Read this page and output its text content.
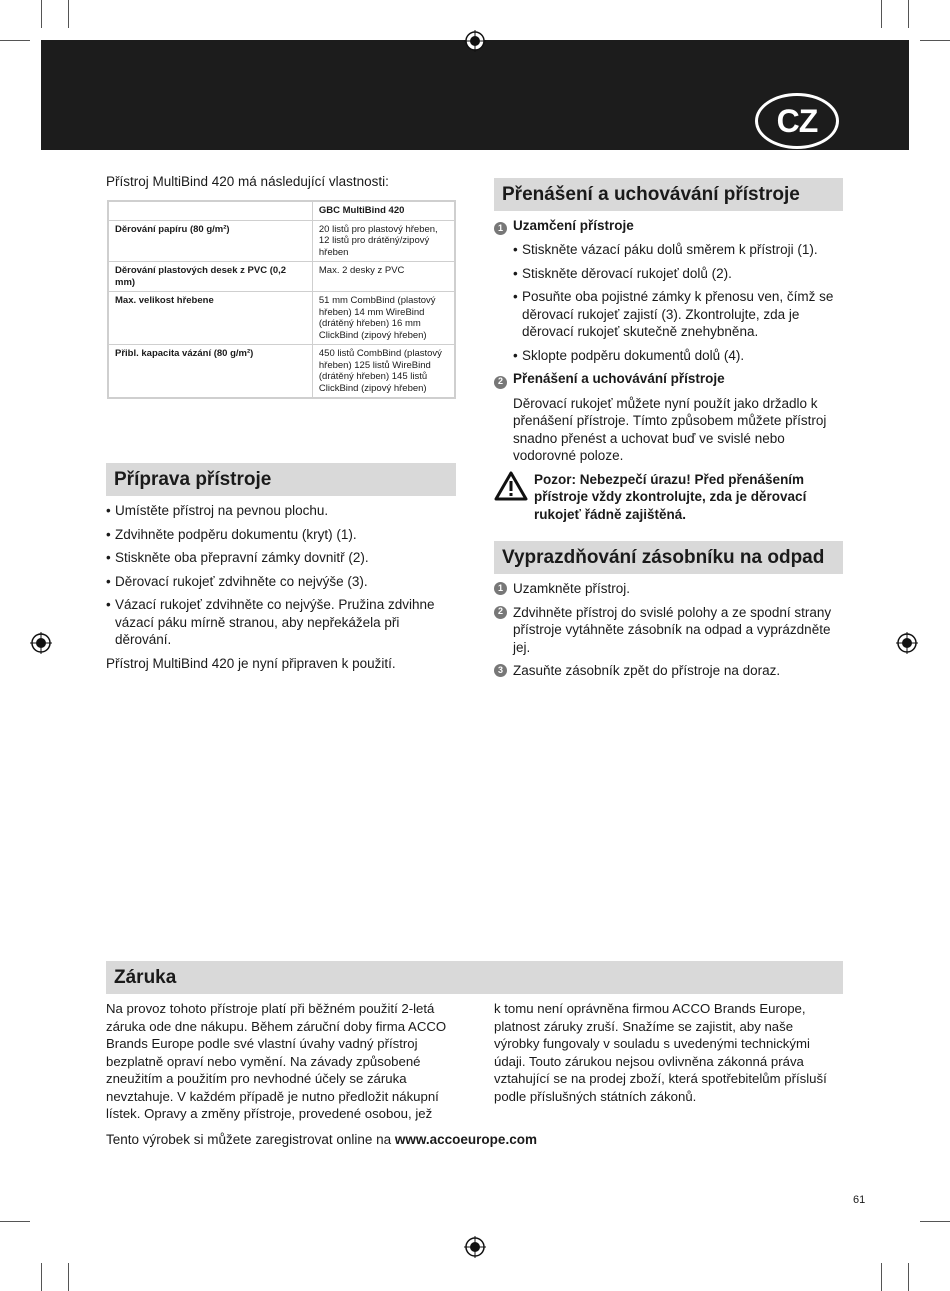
CZ
Přístroj MultiBind 420 má následující vlastnosti:
	GBC MultiBind 420
Děrování papíru (80 g/m²)	20 listů pro plastový hřeben, 12 listů pro drátěný/zipový hřeben
Děrování plastových desek z PVC (0,2 mm)	Max. 2 desky z PVC
Max. velikost hřebene	51 mm CombBind (plastový hřeben) 14 mm WireBind (drátěný hřeben) 16 mm ClickBind (zipový hřeben)
Přibl. kapacita vázání (80 g/m²)	450 listů CombBind (plastový hřeben) 125 listů WireBind (drátěný hřeben) 145 listů ClickBind (zipový hřeben)
Příprava přístroje
• Umístěte přístroj na pevnou plochu.
• Zdvihněte podpěru dokumentu (kryt) (1).
• Stiskněte oba přepravní zámky dovnitř (2).
• Děrovací rukojeť zdvihněte co nejvýše (3).
• Vázací rukojeť zdvihněte co nejvýše. Pružina zdvihne vázací páku mírně stranou, aby nepřekážela při děrování.
Přístroj MultiBind 420 je nyní připraven k použití.
Přenášení a uchovávání přístroje
1 Uzamčení přístroje
• Stiskněte vázací páku dolů směrem k přístroji (1).
• Stiskněte děrovací rukojeť dolů (2).
• Posuňte oba pojistné zámky k přenosu ven, čímž se děrovací rukojeť zajistí (3). Zkontrolujte, zda je děrovací rukojeť skutečně znehybněna.
• Sklopte podpěru dokumentů dolů (4).
2 Přenášení a uchovávání přístroje
Děrovací rukojeť můžete nyní použít jako držadlo k přenášení přístroje. Tímto způsobem můžete přístroj snadno přenést a uchovat buď ve svislé nebo vodorovné poloze.
Pozor: Nebezpečí úrazu! Před přenášením přístroje vždy zkontrolujte, zda je děrovací rukojeť řádně zajištěná.
Vyprazdňování zásobníku na odpad
1 Uzamkněte přístroj.
2 Zdvihněte přístroj do svislé polohy a ze spodní strany přístroje vytáhněte zásobník na odpad a vyprázdněte jej.
3 Zasuňte zásobník zpět do přístroje na doraz.
Záruka
Na provoz tohoto přístroje platí při běžném použití 2-letá záruka ode dne nákupu. Během záruční doby firma ACCO Brands Europe podle své vlastní úvahy vadný přístroj bezplatně opraví nebo vymění. Na závady způsobené zneužitím a použitím pro nevhodné účely se záruka nevztahuje. V každém případě je nutno předložit nákupní lístek. Opravy a změny přístroje, provedené osobou, jež
k tomu není oprávněna firmou ACCO Brands Europe, platnost záruky zruší. Snažíme se zajistit, aby naše výrobky fungovaly v souladu s uvedenými technickými údaji. Touto zárukou nejsou ovlivněna zákonná práva vztahující se na prodej zboží, která spotřebitelům přísluší podle příslušných státních zákonů.
Tento výrobek si můžete zaregistrovat online na www.accoeurope.com
61
